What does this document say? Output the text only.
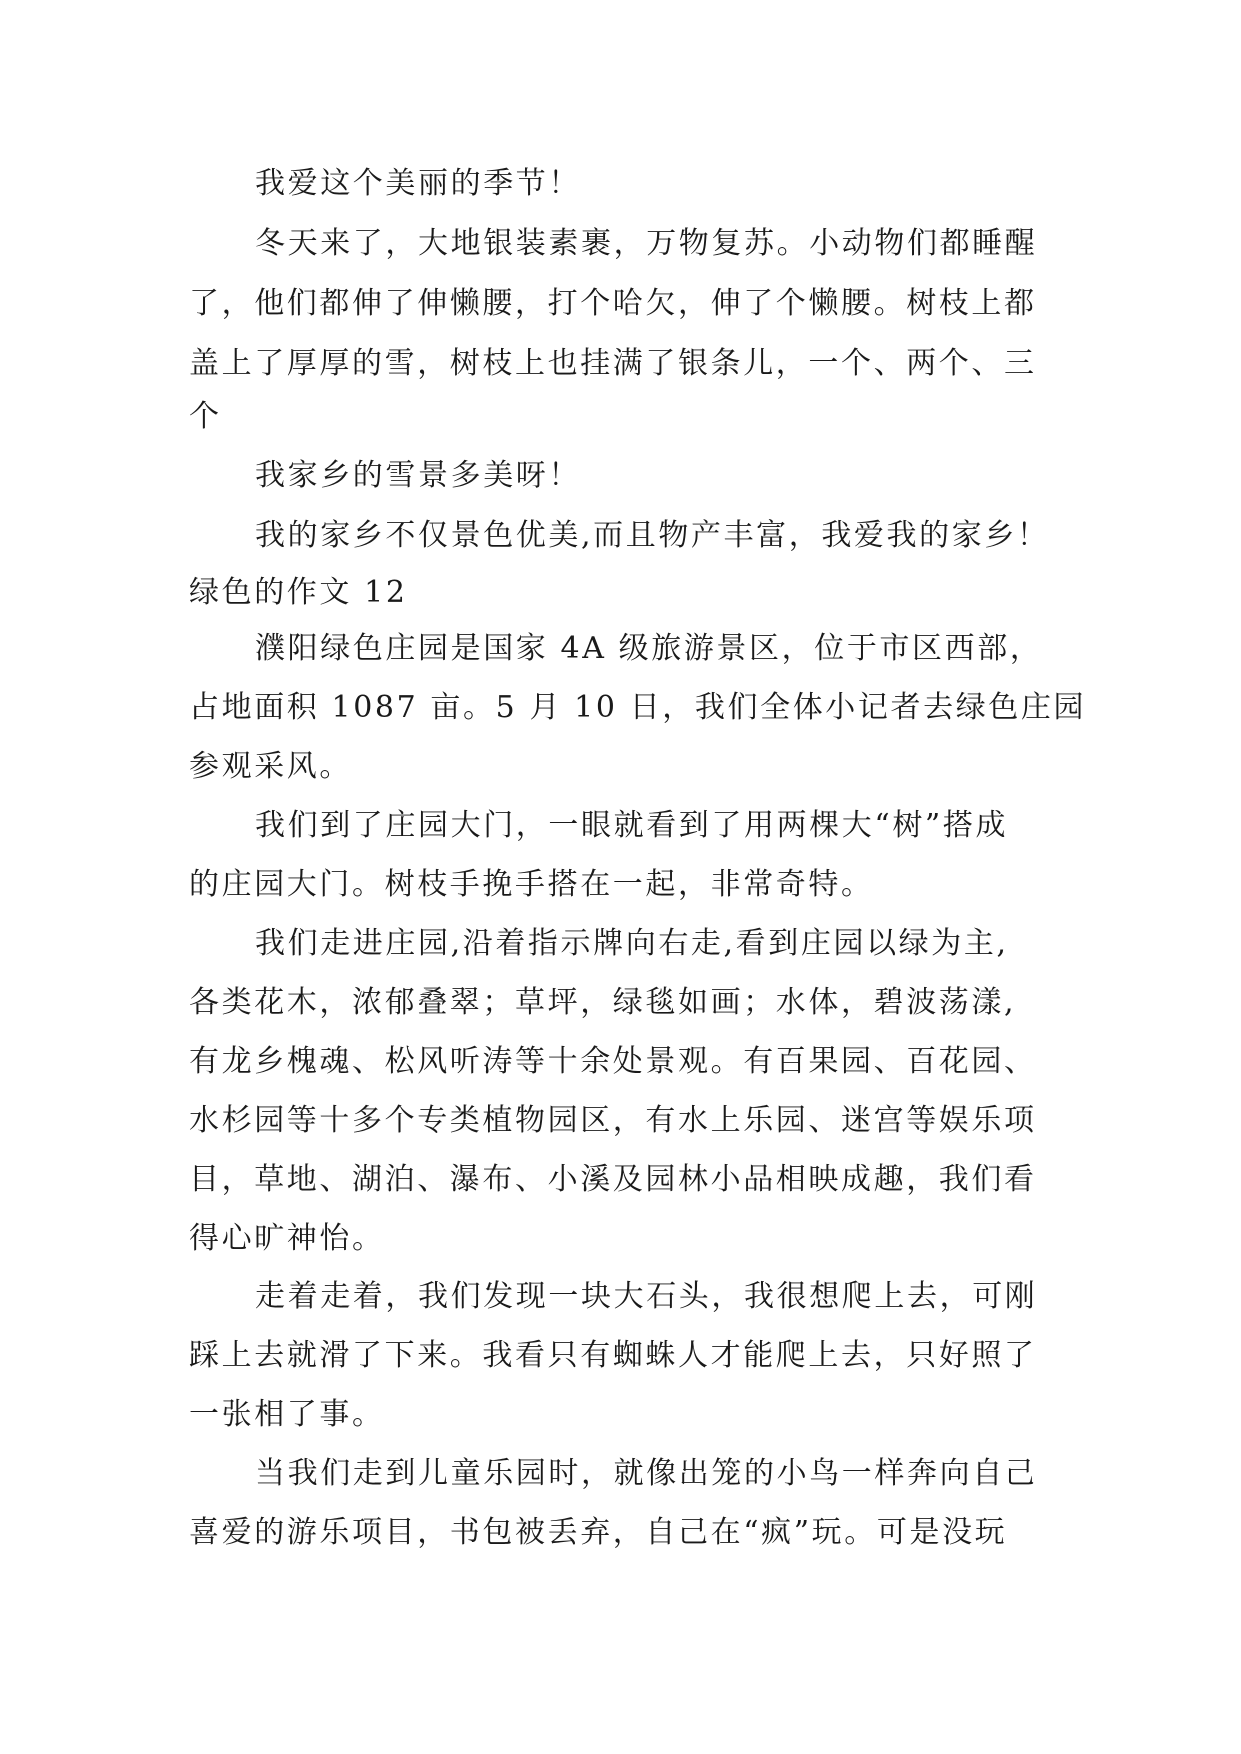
我爱这个美丽的季节！
冬天来了，大地银装素裹，万物复苏。小动物们都睡醒
了，他们都伸了伸懒腰，打个哈欠，伸了个懒腰。树枝上都
盖上了厚厚的雪，树枝上也挂满了银条儿，一个、两个、三
个
我家乡的雪景多美呀！
我的家乡不仅景色优美,而且物产丰富，我爱我的家乡！
绿色的作文 12
濮阳绿色庄园是国家 4A 级旅游景区，位于市区西部，
占地面积 1087 亩。5 月 10 日，我们全体小记者去绿色庄园
参观采风。
我们到了庄园大门，一眼就看到了用两棵大“树”搭成
的庄园大门。树枝手挽手搭在一起，非常奇特。
我们走进庄园,沿着指示牌向右走,看到庄园以绿为主,
各类花木，浓郁叠翠；草坪，绿毯如画；水体，碧波荡漾,
有龙乡槐魂、松风听涛等十余处景观。有百果园、百花园、
水杉园等十多个专类植物园区，有水上乐园、迷宫等娱乐项
目，草地、湖泊、瀑布、小溪及园林小品相映成趣，我们看
得心旷神怡。
走着走着，我们发现一块大石头，我很想爬上去，可刚
踩上去就滑了下来。我看只有蜘蛛人才能爬上去，只好照了
一张相了事。
当我们走到儿童乐园时，就像出笼的小鸟一样奔向自己
喜爱的游乐项目，书包被丢弃，自己在“疯”玩。可是没玩
